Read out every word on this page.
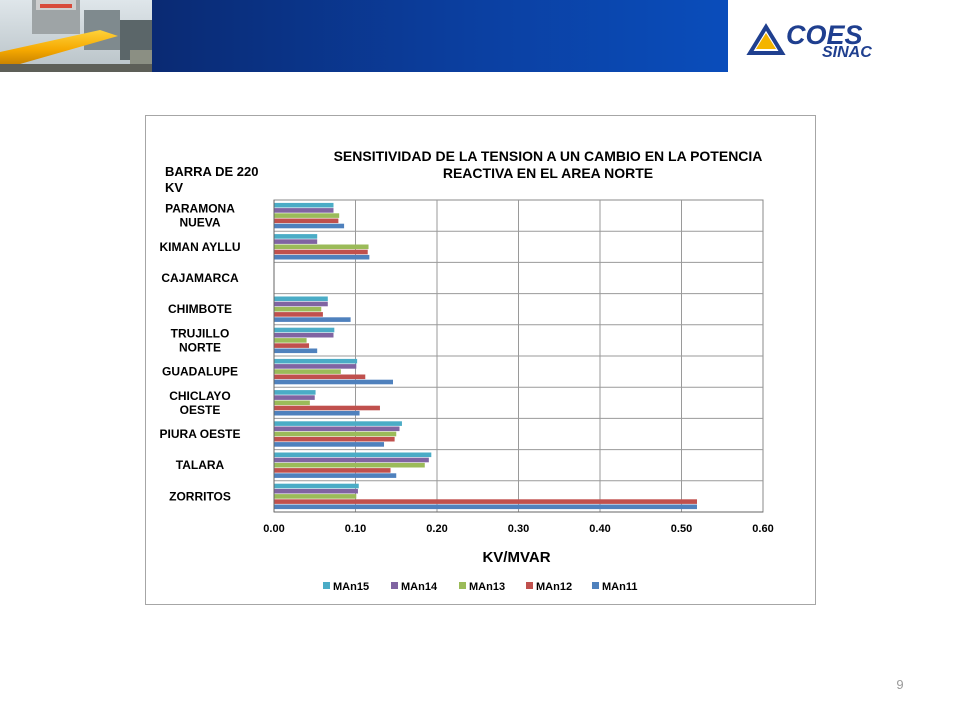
COES
SINAC
PARAMONA
NUEVA
KIMAN AYLLU
CAJAMARCA
CHIMBOTE
TRUJILLO
NORTE
GUADALUPE
CHICLAYO
OESTE
PIURA OESTE
TALARA
ZORRITOS
0.00	0.10	0.20	0.30	0.40	0.50	0.60
SENSITIVIDAD DE LA TENSION A UN CAMBIO EN LA POTENCIA
REACTIVA EN EL AREA NORTE
BARRA DE 220
KV
KV/MVAR
MAn15	MAn14	MAn13	MAn12	MAn11
9
